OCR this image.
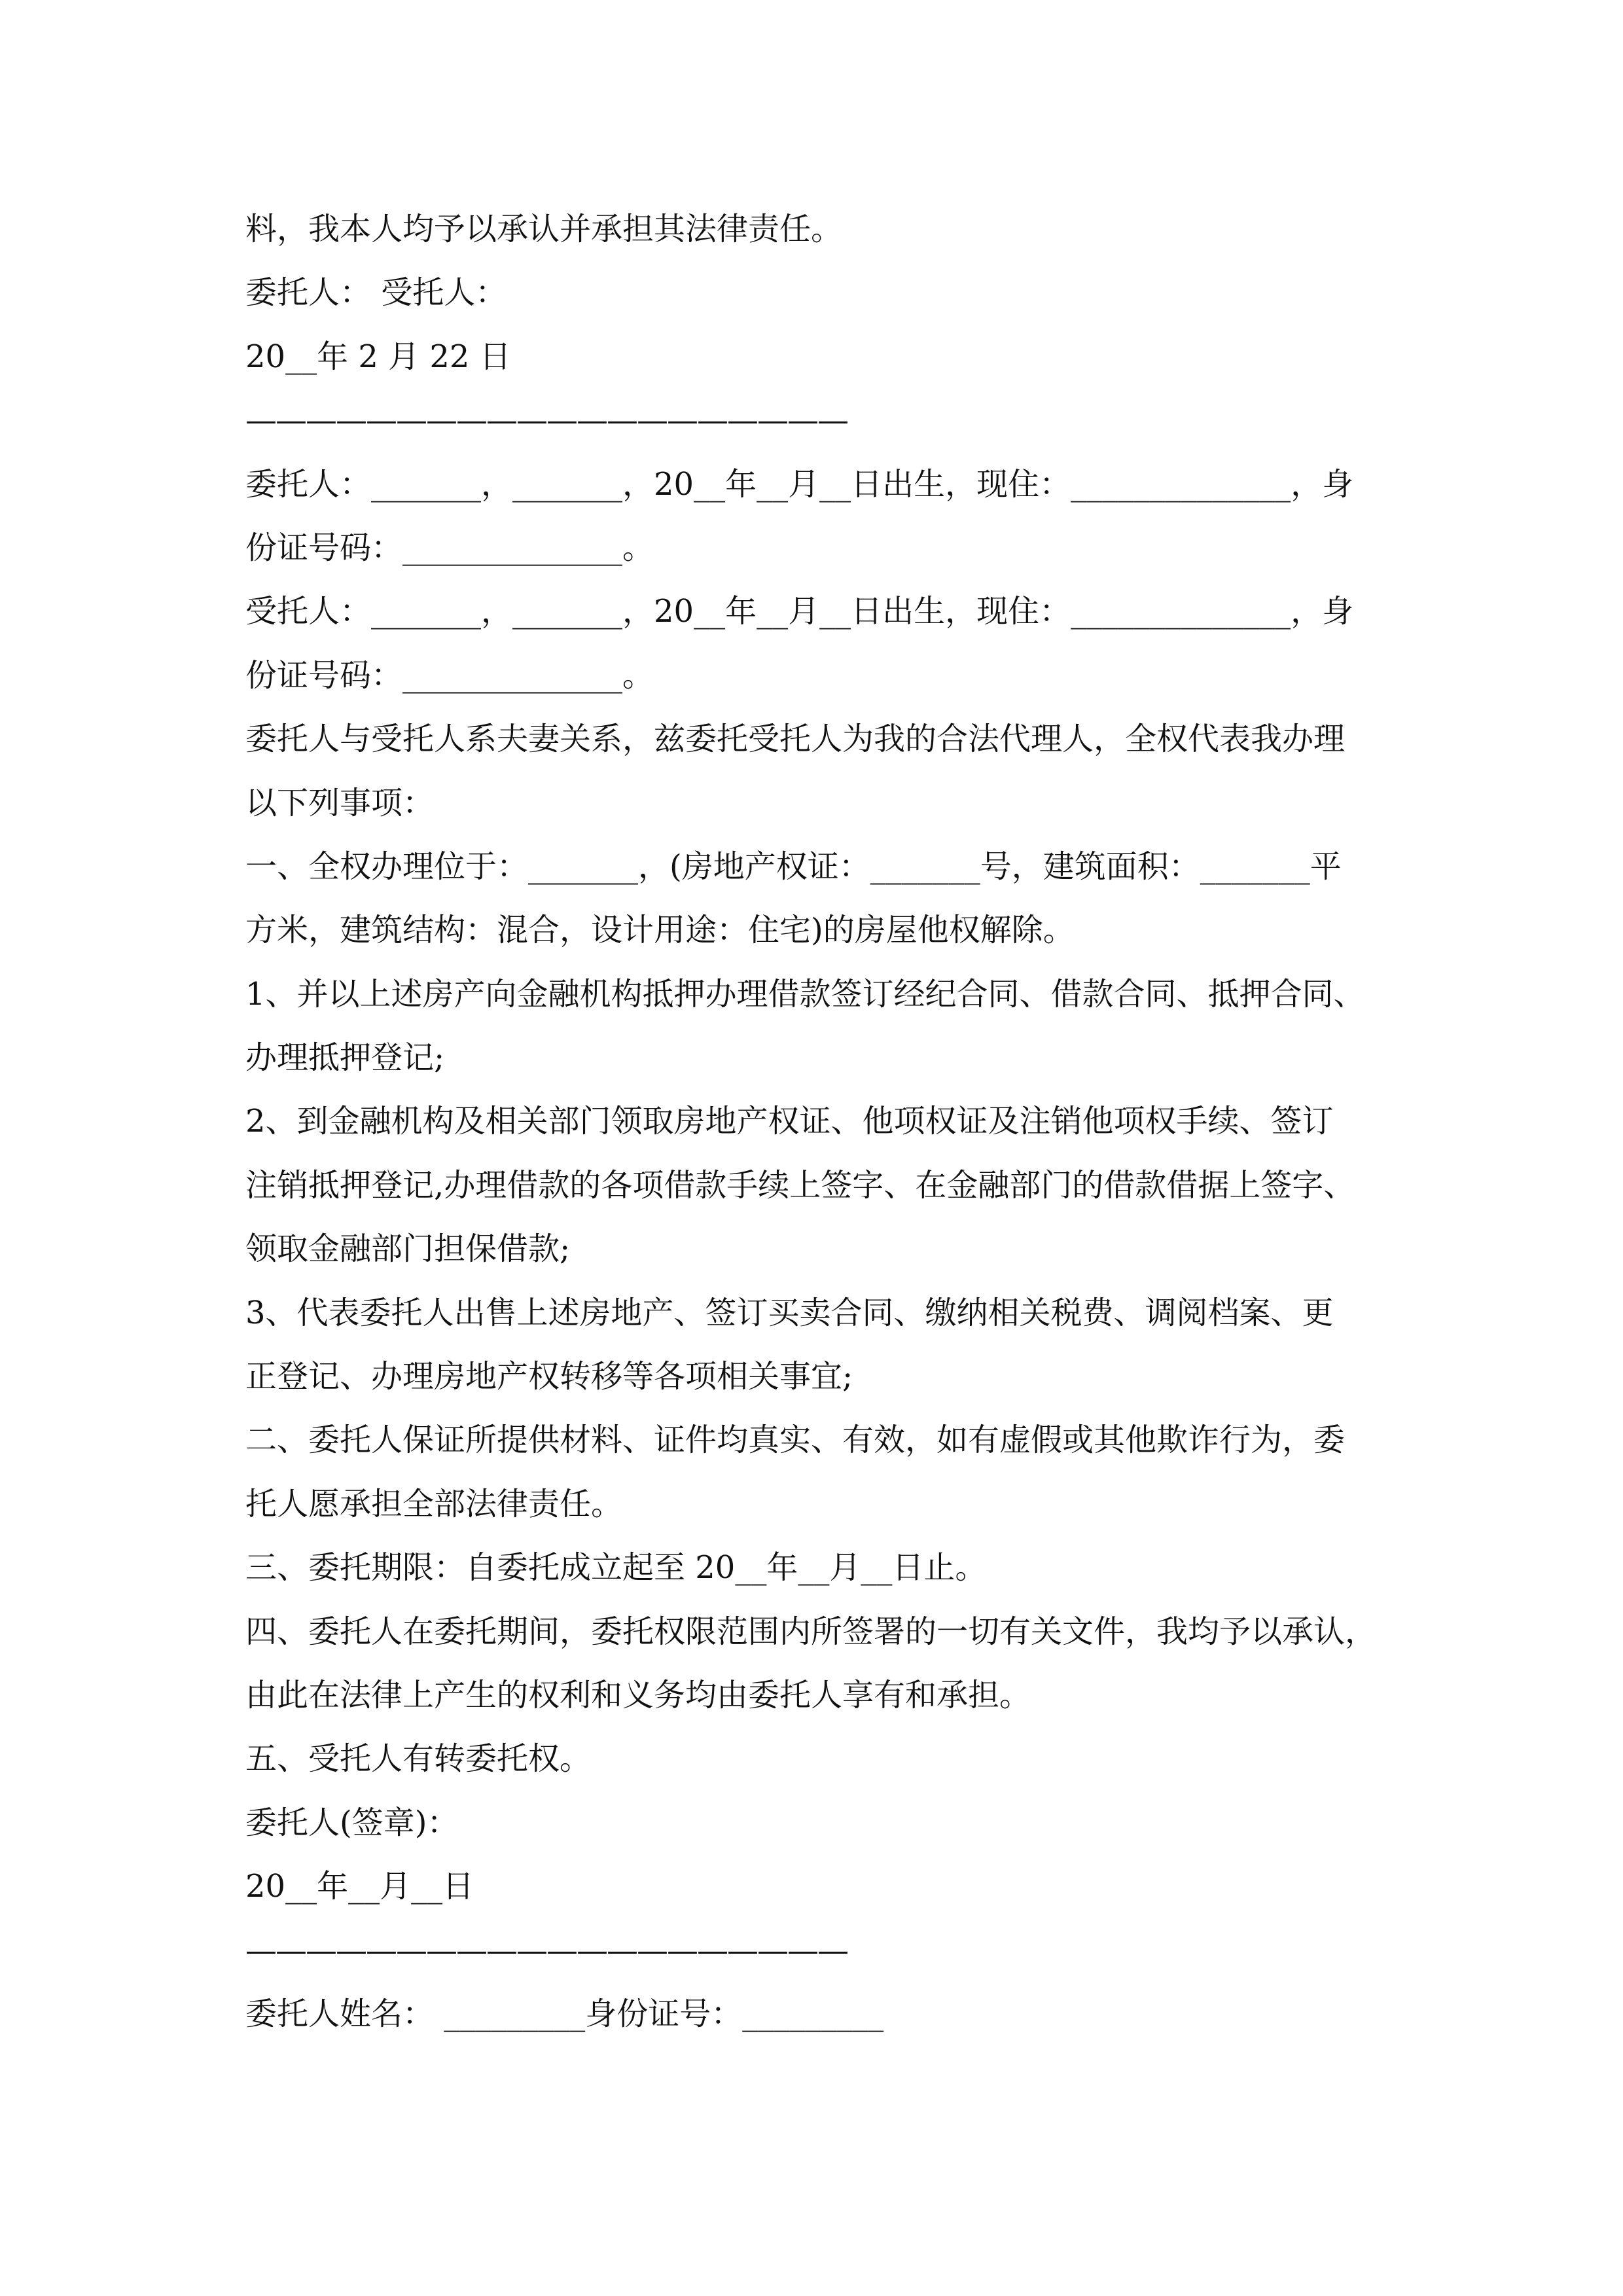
料，我本人均予以承认并承担其法律责任。
委托人： 受托人：
20__年 2 月 22 日
————————————————————
委托人：_______，_______，20__年__月__日出生，现住：______________，身
份证号码：______________。
受托人：_______，_______，20__年__月__日出生，现住：______________，身
份证号码：______________。
委托人与受托人系夫妻关系，兹委托受托人为我的合法代理人，全权代表我办理
以下列事项：
一、全权办理位于：_______，(房地产权证：_______号，建筑面积：_______平
方米，建筑结构：混合，设计用途：住宅)的房屋他权解除。
1、并以上述房产向金融机构抵押办理借款签订经纪合同、借款合同、抵押合同、
办理抵押登记;
2、到金融机构及相关部门领取房地产权证、他项权证及注销他项权手续、签订
注销抵押登记,办理借款的各项借款手续上签字、在金融部门的借款借据上签字、
领取金融部门担保借款;
3、代表委托人出售上述房地产、签订买卖合同、缴纳相关税费、调阅档案、更
正登记、办理房地产权转移等各项相关事宜;
二、委托人保证所提供材料、证件均真实、有效，如有虚假或其他欺诈行为，委
托人愿承担全部法律责任。
三、委托期限：自委托成立起至 20__年__月__日止。
四、委托人在委托期间，委托权限范围内所签署的一切有关文件，我均予以承认，
由此在法律上产生的权利和义务均由委托人享有和承担。
五、受托人有转委托权。
委托人(签章)：
20__年__月__日
————————————————————
委托人姓名： _________身份证号：_________
